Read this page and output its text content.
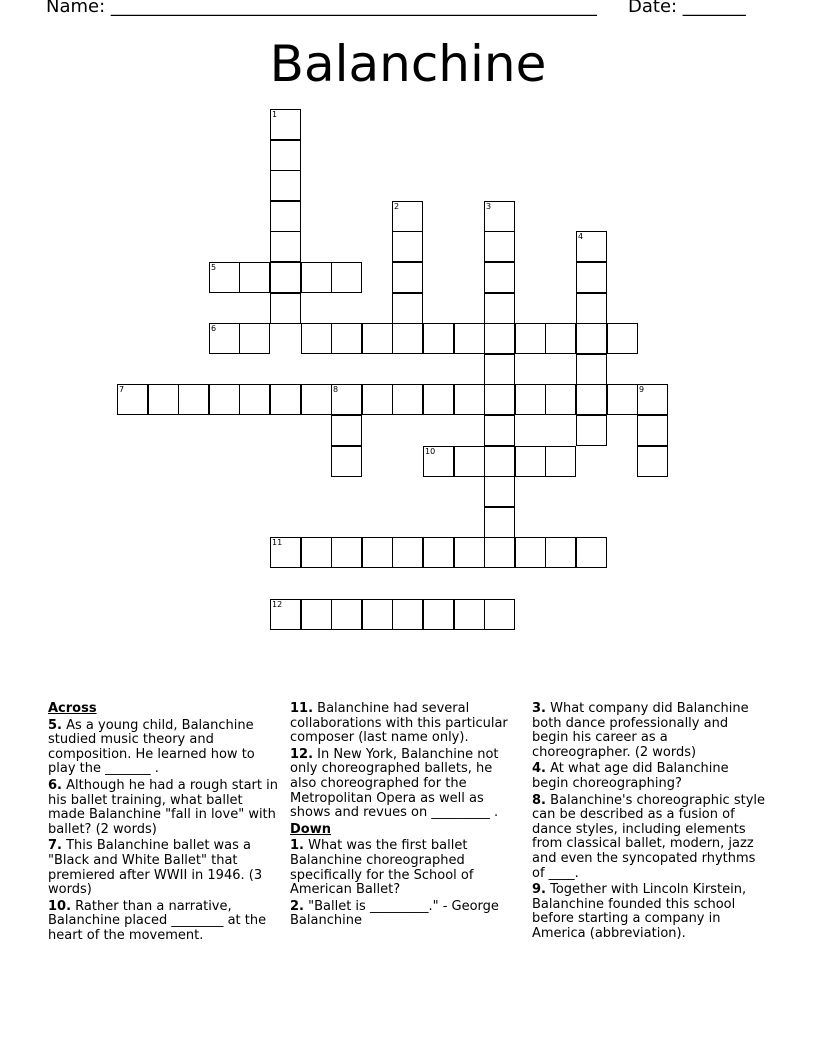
Name: ______________________________________________________ Date: _______
Balanchine
1
2	3
4
5
6
7	8	9
10
11
12
Across
5. As a young child, Balanchine studied music theory and composition. He learned how to play the _______ .
6. Although he had a rough start in his ballet training, what ballet made Balanchine "fall in love" with ballet? (2 words)
7. This Balanchine ballet was a "Black and White Ballet" that premiered after WWII in 1946. (3 words)
10. Rather than a narrative, Balanchine placed ________ at the heart of the movement.
11. Balanchine had several collaborations with this particular composer (last name only).
12. In New York, Balanchine not only choreographed ballets, he also choreographed for the Metropolitan Opera as well as shows and revues on _________ .
Down
1. What was the first ballet Balanchine choreographed specifically for the School of American Ballet?
2. "Ballet is _________." - George Balanchine
3. What company did Balanchine both dance professionally and begin his career as a choreographer. (2 words)
4. At what age did Balanchine begin choreographing?
8. Balanchine's choreographic style can be described as a fusion of dance styles, including elements from classical ballet, modern, jazz and even the syncopated rhythms of ____.
9. Together with Lincoln Kirstein, Balanchine founded this school before starting a company in America (abbreviation).
